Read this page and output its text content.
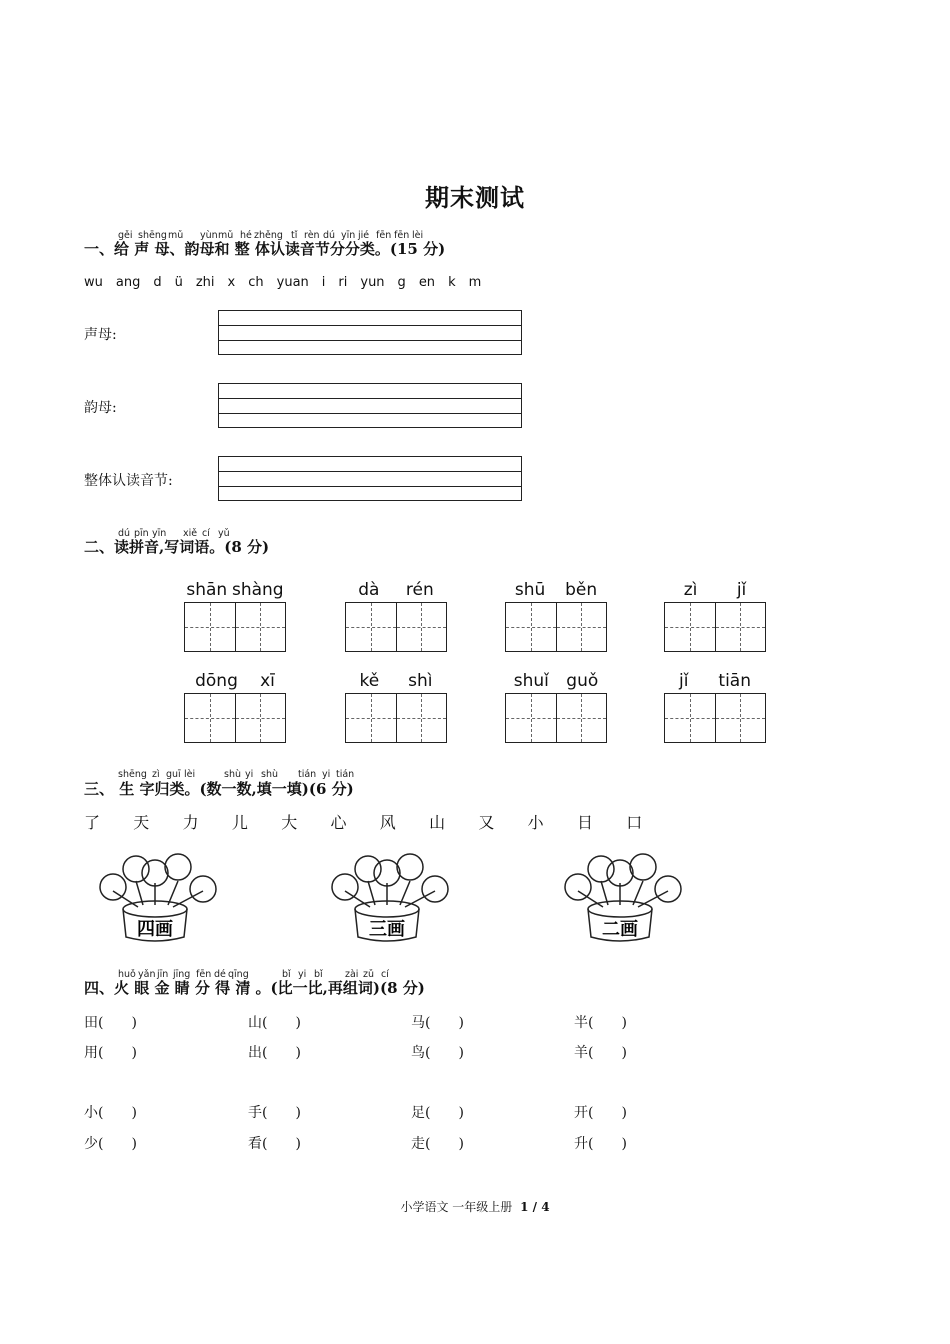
期末测试
一、给 声 母、韵母和 整 体认读音节分分类。(15 分)
gěi shēng mǔ yùn mǔ hé zhěng tǐ rèn dú yīn jié fēn fēn lèi
wu ang d ü zhi x ch yuan i ri yun g en k m
声母:
韵母:
整体认读音节:
二、读拼音,写词语。(8 分)
dú pīn yīn xiě cí yǔ
shān shàng	dà rén	shū běn	zì jǐ
dōng xī	kě shì	shuǐ guǒ	jǐ tiān
三、 生 字归类。(数一数,填一填)(6 分)
shēng zì guī lèi	shù yi shù tián yi tián
了 天 力 儿 大 心 风 山 又 小 日 口
四画	三画	二画
四、火 眼 金 睛 分 得 清 。(比一比,再组词)(8 分)
huǒ yǎn jīn jīng fēn dé qīng	bǐ yi bǐ zài zǔ cí
田(　　)	山(　　)	马(　　)	半(　　)
用(　　)	出(　　)	鸟(　　)	羊(　　)
小(　　)	手(　　)	足(　　)	开(　　)
少(　　)	看(　　)	走(　　)	升(　　)
小学语文 一年级上册 1 / 4
